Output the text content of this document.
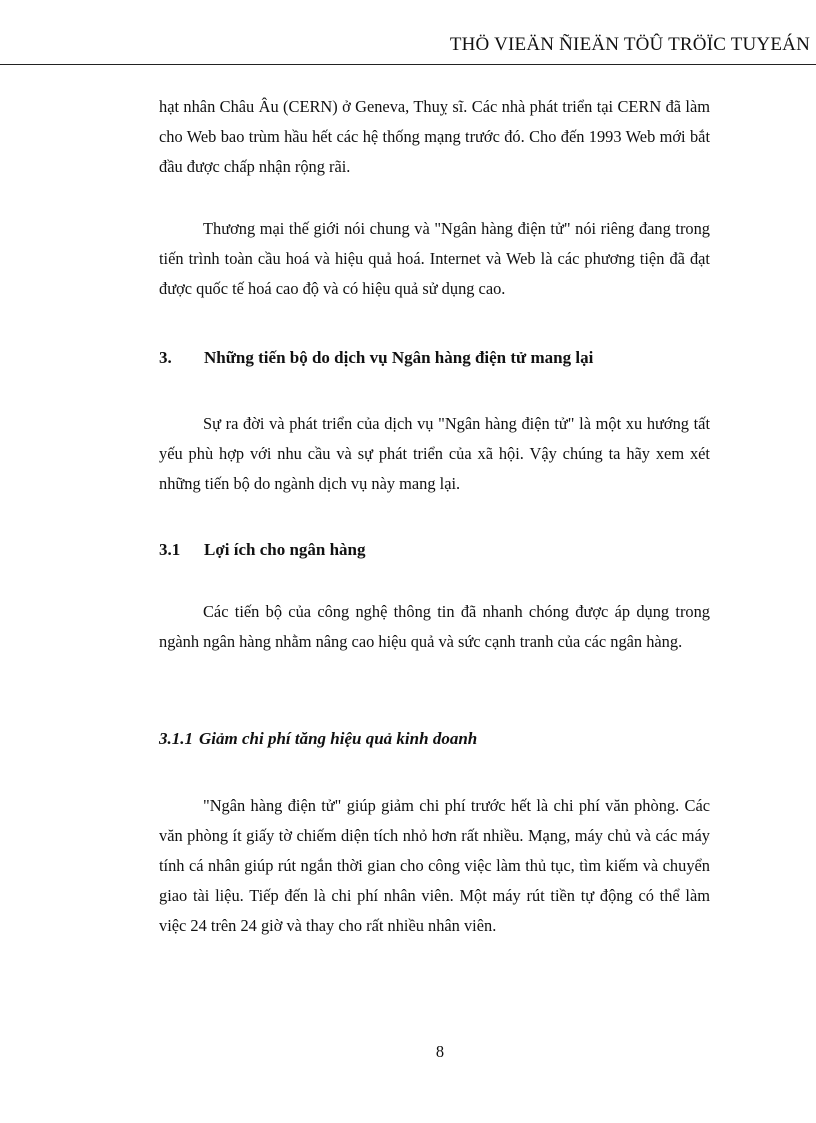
THÖ VIEÄN ÑIEÄN TÖÛ TRÖÏC TUYEÁN

hạt nhân Châu Âu (CERN) ở Geneva, Thuỵ sĩ. Các nhà phát triển tại CERN đã làm cho Web bao trùm hầu hết các hệ thống mạng trước đó. Cho đến 1993 Web mới bắt đầu được chấp nhận rộng rãi.

Thương mại thế giới nói chung và "Ngân hàng điện tử" nói riêng đang trong tiến trình toàn cầu hoá và hiệu quả hoá. Internet và Web là các phương tiện đã đạt được quốc tế hoá cao độ và có hiệu quả sử dụng cao.

3. Những tiến bộ do dịch vụ Ngân hàng điện tử mang lại

Sự ra đời và phát triển của dịch vụ "Ngân hàng điện tử" là một xu hướng tất yếu phù hợp với nhu cầu và sự phát triển của xã hội. Vậy chúng ta hãy xem xét những tiến bộ do ngành dịch vụ này mang lại.

3.1 Lợi ích cho ngân hàng

Các tiến bộ của công nghệ thông tin đã nhanh chóng được áp dụng trong ngành ngân hàng nhằm nâng cao hiệu quả và sức cạnh tranh của các ngân hàng.

3.1.1 Giảm chi phí tăng hiệu quả kinh doanh

"Ngân hàng điện tử" giúp giảm chi phí trước hết là chi phí văn phòng. Các văn phòng ít giấy tờ chiếm diện tích nhỏ hơn rất nhiều. Mạng, máy chủ và các máy tính cá nhân giúp rút ngắn thời gian cho công việc làm thủ tục, tìm kiếm và chuyển giao tài liệu. Tiếp đến là chi phí nhân viên. Một máy rút tiền tự động có thể làm việc 24 trên 24 giờ và thay cho rất nhiều nhân viên.

8
